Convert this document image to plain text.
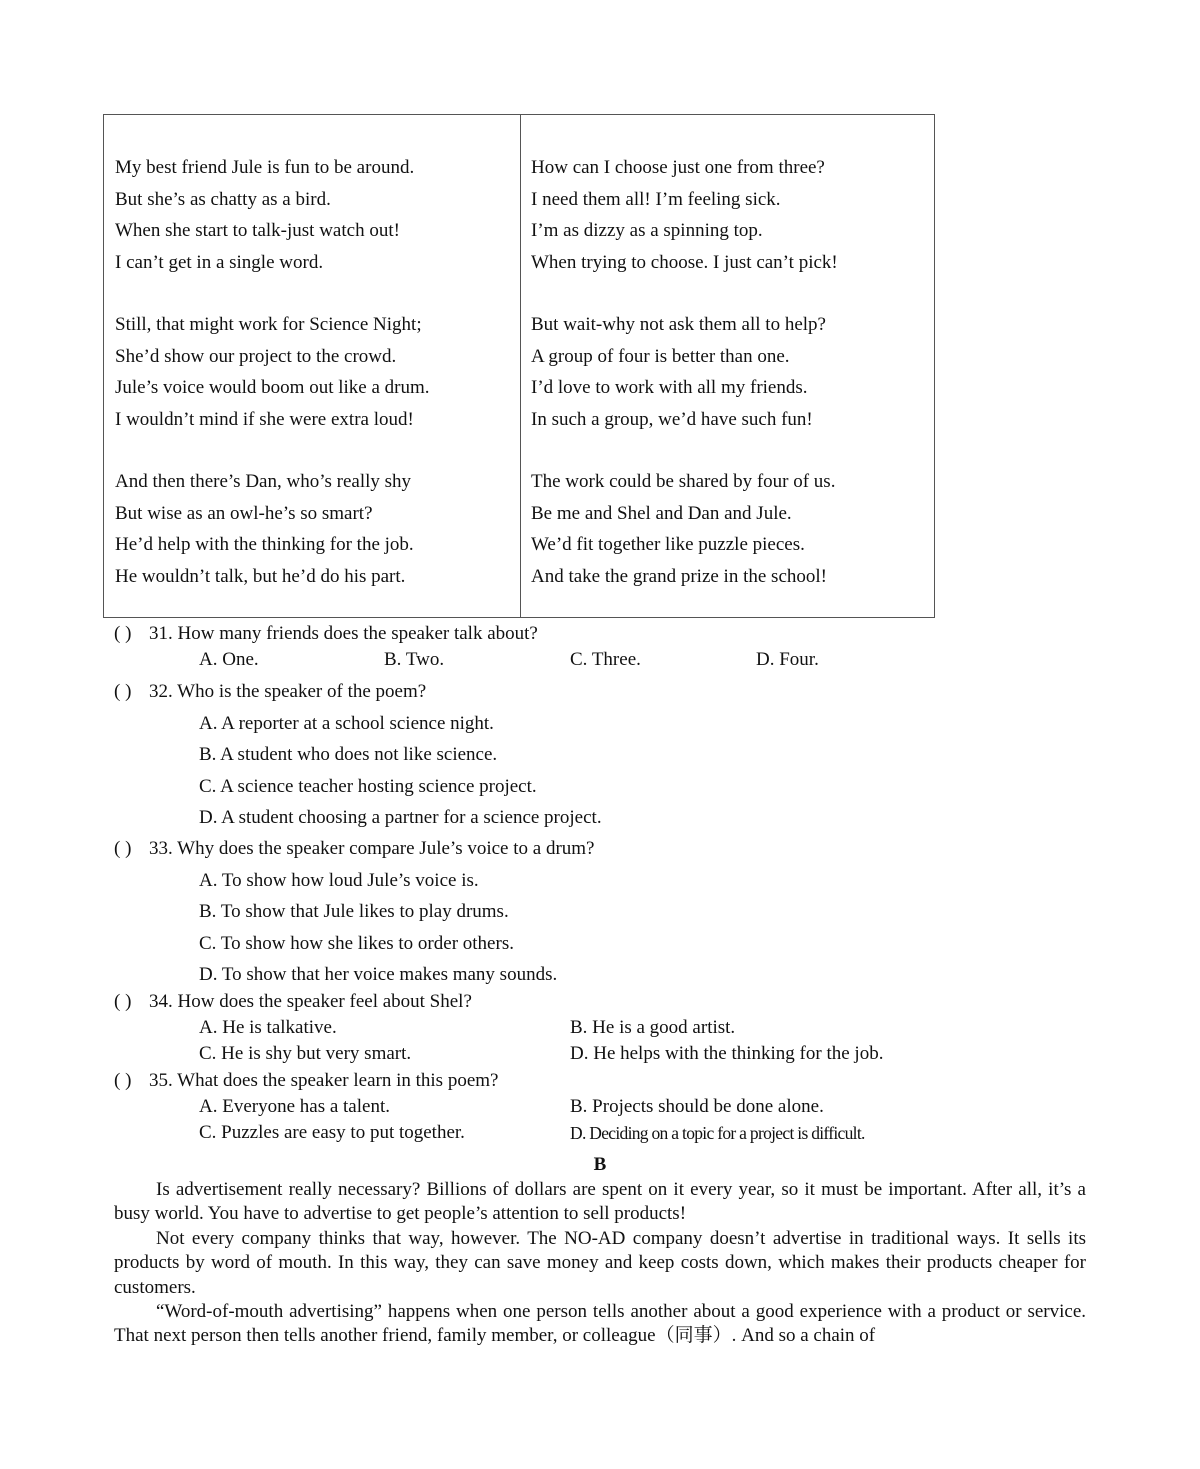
My best friend Jule is fun to be around.
But she’s as chatty as a bird.
When she start to talk-just watch out!
I can’t get in a single word.
Still, that might work for Science Night;
She’d show our project to the crowd.
Jule’s voice would boom out like a drum.
I wouldn’t mind if she were extra loud!
And then there’s Dan, who’s really shy
But wise as an owl-he’s so smart?
He’d help with the thinking for the job.
He wouldn’t talk, but he’d do his part.
How can I choose just one from three?
I need them all! I’m feeling sick.
I’m as dizzy as a spinning top.
When trying to choose. I just can’t pick!
But wait-why not ask them all to help?
A group of four is better than one.
I’d love to work with all my friends.
In such a group, we’d have such fun!
The work could be shared by four of us.
Be me and Shel and Dan and Jule.
We’d fit together like puzzle pieces.
And take the grand prize in the school!
( ) 31. How many friends does the speaker talk about?
A. One.	B. Two.	C. Three.	D. Four.
( ) 32. Who is the speaker of the poem?
A. A reporter at a school science night.
B. A student who does not like science.
C. A science teacher hosting science project.
D. A student choosing a partner for a science project.
( ) 33. Why does the speaker compare Jule’s voice to a drum?
A. To show how loud Jule’s voice is.
B. To show that Jule likes to play drums.
C. To show how she likes to order others.
D. To show that her voice makes many sounds.
( ) 34. How does the speaker feel about Shel?
A. He is talkative.	B. He is a good artist.
C. He is shy but very smart.	D. He helps with the thinking for the job.
( ) 35. What does the speaker learn in this poem?
A. Everyone has a talent.	B. Projects should be done alone.
C. Puzzles are easy to put together.	D. Deciding on a topic for a project is difficult.
B
Is advertisement really necessary? Billions of dollars are spent on it every year, so it must be important. After all, it’s a busy world. You have to advertise to get people’s attention to sell products!
Not every company thinks that way, however. The NO-AD company doesn’t advertise in traditional ways. It sells its products by word of mouth. In this way, they can save money and keep costs down, which makes their products cheaper for customers.
“Word-of-mouth advertising” happens when one person tells another about a good experience with a product or service. That next person then tells another friend, family member, or colleague（同事）. And so a chain of
